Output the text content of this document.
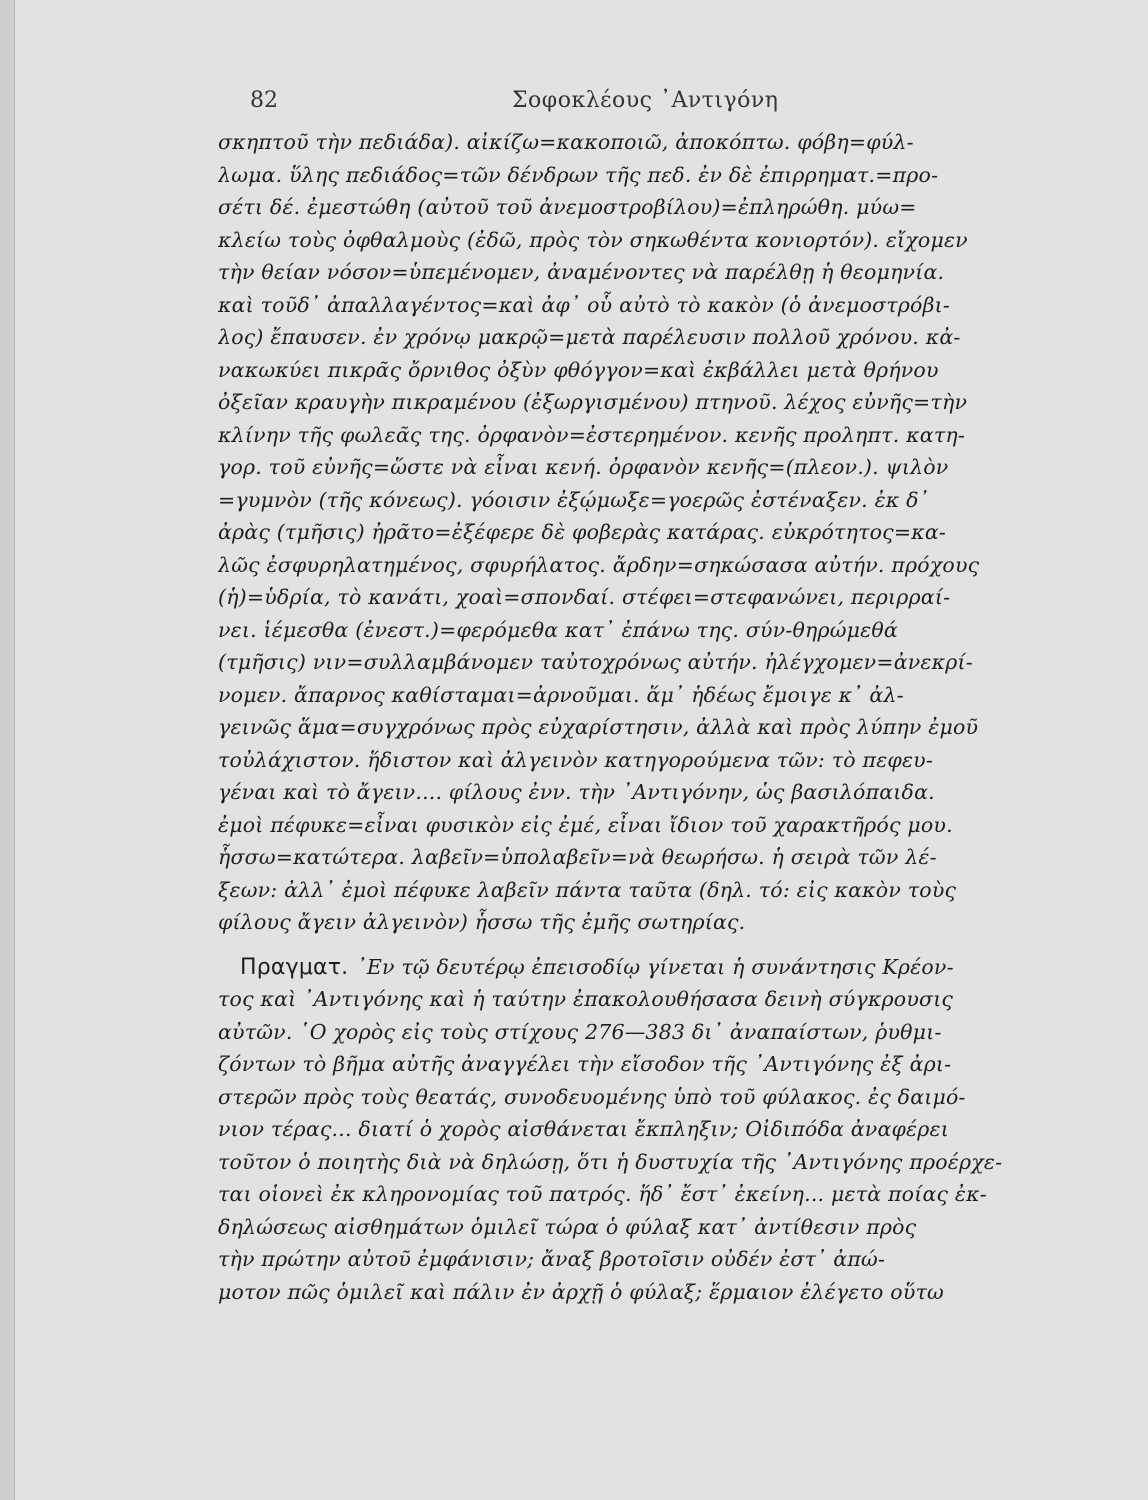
82	Σοφοκλέους ᾽Αντιγόνη
σκηπτοῦ τὴν πεδιάδα). αἰκίζω=κακοποιῶ, ἀποκόπτω. φόβη=φύλ-
λωμα. ὕλης πεδιάδος=τῶν δένδρων τῆς πεδ. ἐν δὲ ἐπιρρηματ.=προ-
σέτι δέ. ἐμεστώθη (αὐτοῦ τοῦ ἀνεμοστροβίλου)=ἐπληρώθη. μύω=
κλείω τοὺς ὀφθαλμοὺς (ἐδῶ, πρὸς τὸν σηκωθέντα κονιορτόν). εἴχομεν
τὴν θείαν νόσον=ὑπεμένομεν, ἀναμένοντες νὰ παρέλθῃ ἡ θεομηνία.
καὶ τοῦδ᾽ ἀπαλλαγέντος=καὶ ἀφ᾽ οὗ αὐτὸ τὸ κακὸν (ὁ ἀνεμοστρόβι-
λος) ἔπαυσεν. ἐν χρόνῳ μακρῷ=μετὰ παρέλευσιν πολλοῦ χρόνου. κἀ-
νακωκύει πικρᾶς ὄρνιθος ὀξὺν φθόγγον=καὶ ἐκβάλλει μετὰ θρήνου
ὀξεῖαν κραυγὴν πικραμένου (ἐξωργισμένου) πτηνοῦ. λέχος εὐνῆς=τὴν
κλίνην τῆς φωλεᾶς της. ὀρφανὸν=ἐστερημένον. κενῆς προληπτ. κατη-
γορ. τοῦ εὐνῆς=ὥστε νὰ εἶναι κενή. ὀρφανὸν κενῆς=(πλεον.). ψιλὸν
=γυμνὸν (τῆς κόνεως). γόοισιν ἐξῴμωξε=γοερῶς ἐστέναξεν. ἐκ δ᾽
ἀρὰς (τμῆσις) ἠρᾶτο=ἐξέφερε δὲ φοβερὰς κατάρας. εὐκρότητος=κα-
λῶς ἐσφυρηλατημένος, σφυρήλατος. ἄρδην=σηκώσασα αὐτήν. πρόχους
(ἡ)=ὑδρία, τὸ κανάτι, χοαὶ=σπονδαί. στέφει=στεφανώνει, περιρραί-
νει. ἱέμεσθα (ἐνεστ.)=φερόμεθα κατ᾽ ἐπάνω της. σύν-θηρώμεθά
(τμῆσις) νιν=συλλαμβάνομεν ταὐτοχρόνως αὐτήν. ἠλέγχομεν=ἀνεκρί-
νομεν. ἄπαρνος καθίσταμαι=ἀρνοῦμαι. ἅμ᾽ ἡδέως ἔμοιγε κ᾽ ἀλ-
γεινῶς ἅμα=συγχρόνως πρὸς εὐχαρίστησιν, ἀλλὰ καὶ πρὸς λύπην ἐμοῦ
τοὐλάχιστον. ἥδιστον καὶ ἀλγεινὸν κατηγορούμενα τῶν: τὸ πεφευ-
γέναι καὶ τὸ ἄγειν.... φίλους ἐνν. τὴν ᾽Αντιγόνην, ὡς βασιλόπαιδα.
ἐμοὶ πέφυκε=εἶναι φυσικὸν εἰς ἐμέ, εἶναι ἴδιον τοῦ χαρακτῆρός μου.
ἧσσω=κατώτερα. λαβεῖν=ὑπολαβεῖν=νὰ θεωρήσω. ἡ σειρὰ τῶν λέ-
ξεων: ἀλλ᾽ ἐμοὶ πέφυκε λαβεῖν πάντα ταῦτα (δηλ. τό: εἰς κακὸν τοὺς
φίλους ἄγειν ἀλγεινὸν) ἧσσω τῆς ἐμῆς σωτηρίας.
Πραγματ. ᾽Εν τῷ δευτέρῳ ἐπεισοδίῳ γίνεται ἡ συνάντησις Κρέον-
τος καὶ ᾽Αντιγόνης καὶ ἡ ταύτην ἐπακολουθήσασα δεινὴ σύγκρουσις
αὐτῶν. ῾Ο χορὸς εἰς τοὺς στίχους 276—383 δι᾽ ἀναπαίστων, ῥυθμι-
ζόντων τὸ βῆμα αὐτῆς ἀναγγέλει τὴν εἴσοδον τῆς ᾽Αντιγόνης ἐξ ἀρι-
στερῶν πρὸς τοὺς θεατάς, συνοδευομένης ὑπὸ τοῦ φύλακος. ἐς δαιμό-
νιον τέρας... διατί ὁ χορὸς αἰσθάνεται ἔκπληξιν; Οἰδιπόδα ἀναφέρει
τοῦτον ὁ ποιητὴς διὰ νὰ δηλώσῃ, ὅτι ἡ δυστυχία τῆς ᾽Αντιγόνης προέρχε-
ται οἱονεὶ ἐκ κληρονομίας τοῦ πατρός. ἥδ᾽ ἔστ᾽ ἐκείνη... μετὰ ποίας ἐκ-
δηλώσεως αἰσθημάτων ὁμιλεῖ τώρα ὁ φύλαξ κατ᾽ ἀντίθεσιν πρὸς
τὴν πρώτην αὐτοῦ ἐμφάνισιν; ἄναξ βροτοῖσιν οὐδέν ἐστ᾽ ἀπώ-
μοτον πῶς ὁμιλεῖ καὶ πάλιν ἐν ἀρχῇ ὁ φύλαξ; ἕρμαιον ἐλέγετο οὕτω
